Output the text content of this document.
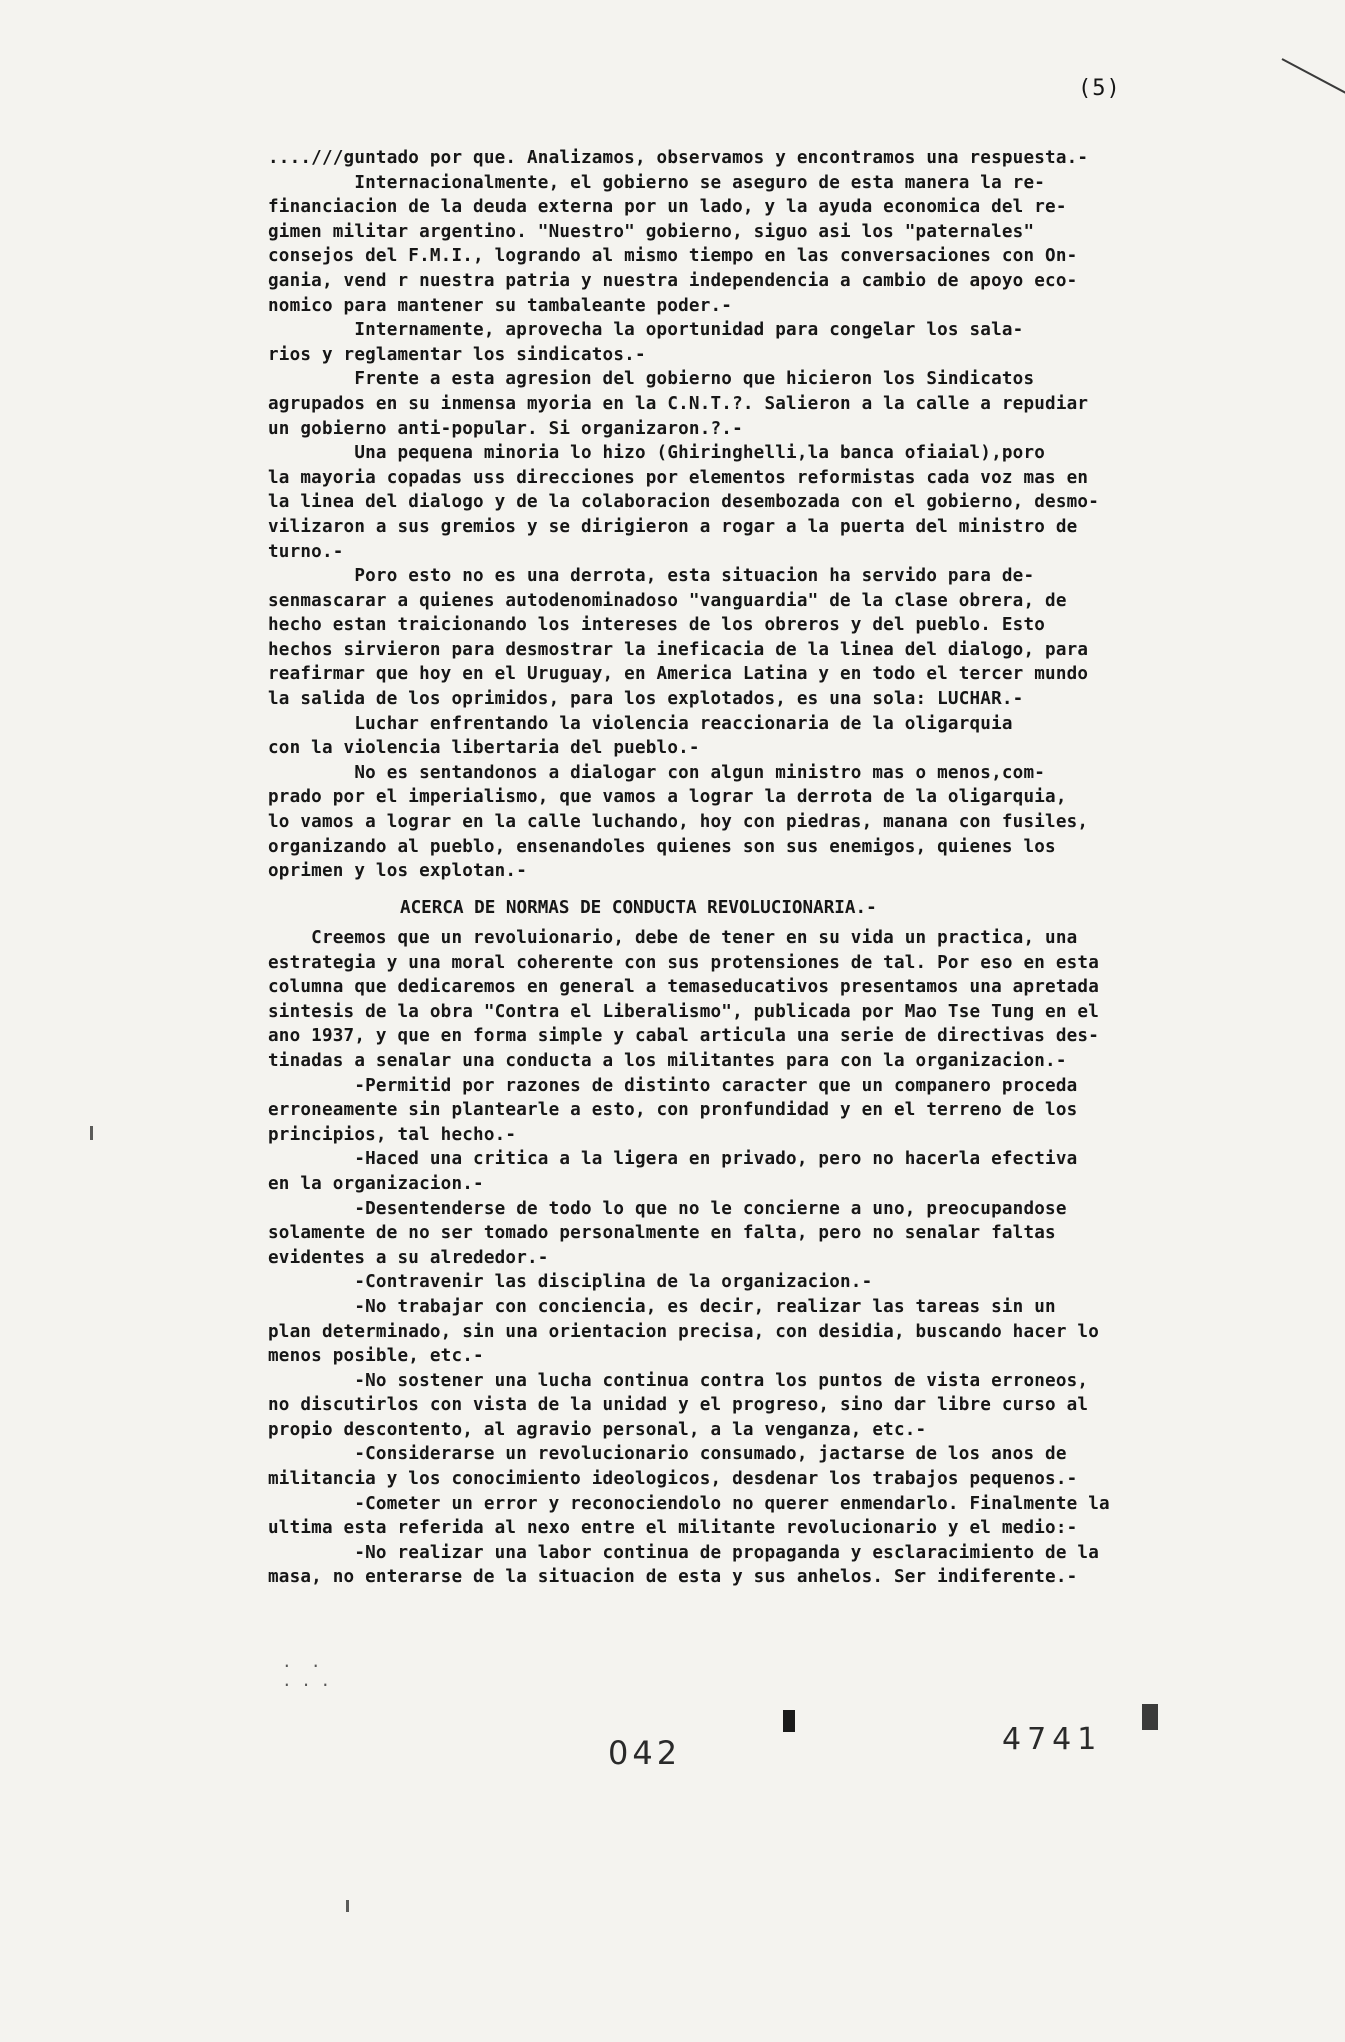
(5)
....///guntado por que. Analizamos, observamos y encontramos una respuesta.-
Internacionalmente, el gobierno se aseguro de esta manera la re-
financiacion de la deuda externa por un lado, y la ayuda economica del re-
gimen militar argentino. "Nuestro" gobierno, siguo asi los "paternales"
consejos del F.M.I., logrando al mismo tiempo en las conversaciones con On-
gania, vend r nuestra patria y nuestra independencia a cambio de apoyo eco-
nomico para mantener su tambaleante poder.-
Internamente, aprovecha la oportunidad para congelar los sala-
rios y reglamentar los sindicatos.-
Frente a esta agresion del gobierno que hicieron los Sindicatos
agrupados en su inmensa myoria en la C.N.T.?. Salieron a la calle a repudiar
un gobierno anti-popular. Si organizaron.?.-
Una pequena minoria lo hizo (Ghiringhelli,la banca ofiaial),poro
la mayoria copadas uss direcciones por elementos reformistas cada voz mas en
la linea del dialogo y de la colaboracion desembozada con el gobierno, desmo-
vilizaron a sus gremios y se dirigieron a rogar a la puerta del ministro de
turno.-
Poro esto no es una derrota, esta situacion ha servido para de-
senmascarar a quienes autodenominadoso "vanguardia" de la clase obrera, de
hecho estan traicionando los intereses de los obreros y del pueblo. Esto
hechos sirvieron para desmostrar la ineficacia de la linea del dialogo, para
reafirmar que hoy en el Uruguay, en America Latina y en todo el tercer mundo
la salida de los oprimidos, para los explotados, es una sola: LUCHAR.-
Luchar enfrentando la violencia reaccionaria de la oligarquia
con la violencia libertaria del pueblo.-
No es sentandonos a dialogar con algun ministro mas o menos,com-
prado por el imperialismo, que vamos a lograr la derrota de la oligarquia,
lo vamos a lograr en la calle luchando, hoy con piedras, manana con fusiles,
organizando al pueblo, ensenandoles quienes son sus enemigos, quienes los
oprimen y los explotan.-
ACERCA DE NORMAS DE CONDUCTA REVOLUCIONARIA.-
Creemos que un revoluionario, debe de tener en su vida un practica, una
estrategia y una moral coherente con sus protensiones de tal. Por eso en esta
columna que dedicaremos en general a temaseducativos presentamos una apretada
sintesis de la obra "Contra el Liberalismo", publicada por Mao Tse Tung en el
ano 1937, y que en forma simple y cabal articula una serie de directivas des-
tinadas a senalar una conducta a los militantes para con la organizacion.-
-Permitid por razones de distinto caracter que un companero proceda
erroneamente sin plantearle a esto, con pronfundidad y en el terreno de los
principios, tal hecho.-
-Haced una critica a la ligera en privado, pero no hacerla efectiva
en la organizacion.-
-Desentenderse de todo lo que no le concierne a uno, preocupandose
solamente de no ser tomado personalmente en falta, pero no senalar faltas
evidentes a su alrededor.-
-Contravenir las disciplina de la organizacion.-
-No trabajar con conciencia, es decir, realizar las tareas sin un
plan determinado, sin una orientacion precisa, con desidia, buscando hacer lo
menos posible, etc.-
-No sostener una lucha continua contra los puntos de vista erroneos,
no discutirlos con vista de la unidad y el progreso, sino dar libre curso al
propio descontento, al agravio personal, a la venganza, etc.-
-Considerarse un revolucionario consumado, jactarse de los anos de
militancia y los conocimiento ideologicos, desdenar los trabajos pequenos.-
-Cometer un error y reconociendolo no querer enmendarlo. Finalmente la
ultima esta referida al nexo entre el militante revolucionario y el medio:-
-No realizar una labor continua de propaganda y esclaracimiento de la
masa, no enterarse de la situacion de esta y sus anhelos. Ser indiferente.-
.  .
. . .
042	4741
